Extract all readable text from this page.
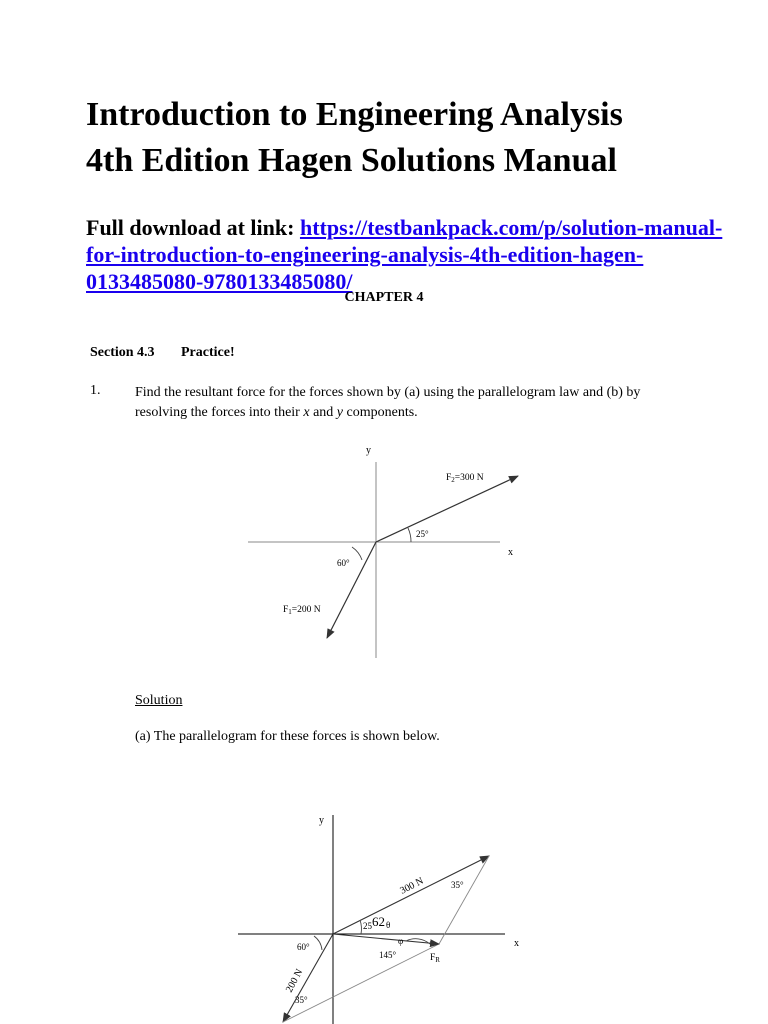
Introduction to Engineering Analysis
4th Edition Hagen Solutions Manual
Full download at link: https://testbankpack.com/p/solution-manual-for-introduction-to-engineering-analysis-4th-edition-hagen-0133485080-9780133485080/
CHAPTER 4
Section 4.3 Practice!
1. Find the resultant force for the forces shown by (a) using the parallelogram law and (b) by resolving the forces into their x and y components.
y
x
$F_2=300$ N
$F_1=200$ N
25°
60°
Solution
(a) The parallelogram for these forces is shown below.
y
x
300 N
200 N
35°
35°
25 62 θ
φ
145°
60°
$F_R$
